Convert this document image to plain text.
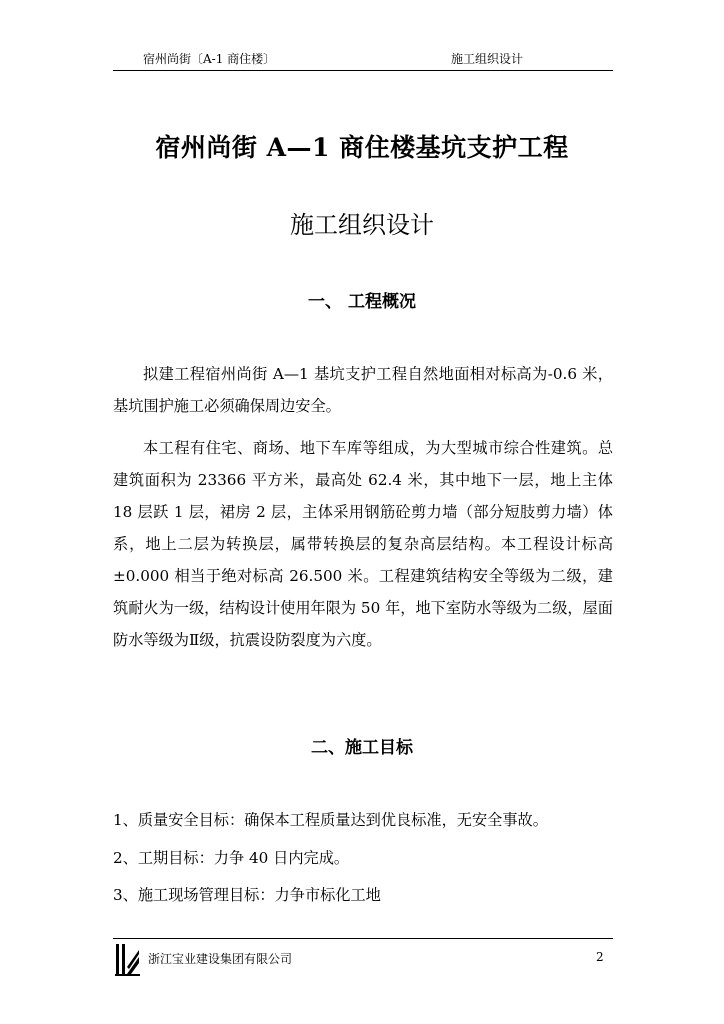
宿州尚街〔A-1 商住楼〕	施工组织设计
宿州尚街 A—1 商住楼基坑支护工程
施工组织设计
一、 工程概况
拟建工程宿州尚街 A—1 基坑支护工程自然地面相对标高为-0.6 米，基坑围护施工必须确保周边安全。
本工程有住宅、商场、地下车库等组成，为大型城市综合性建筑。总建筑面积为 23366 平方米，最高处 62.4 米，其中地下一层，地上主体 18 层跃 1 层，裙房 2 层，主体采用钢筋砼剪力墙（部分短肢剪力墙）体系，地上二层为转换层，属带转换层的复杂高层结构。本工程设计标高±0.000 相当于绝对标高 26.500 米。工程建筑结构安全等级为二级，建筑耐火为一级，结构设计使用年限为 50 年，地下室防水等级为二级，屋面防水等级为Ⅱ级，抗震设防裂度为六度。
二、施工目标
1、质量安全目标：确保本工程质量达到优良标准，无安全事故。
2、工期目标：力争 40 日内完成。
3、施工现场管理目标：力争市标化工地
浙江宝业建设集团有限公司	2
